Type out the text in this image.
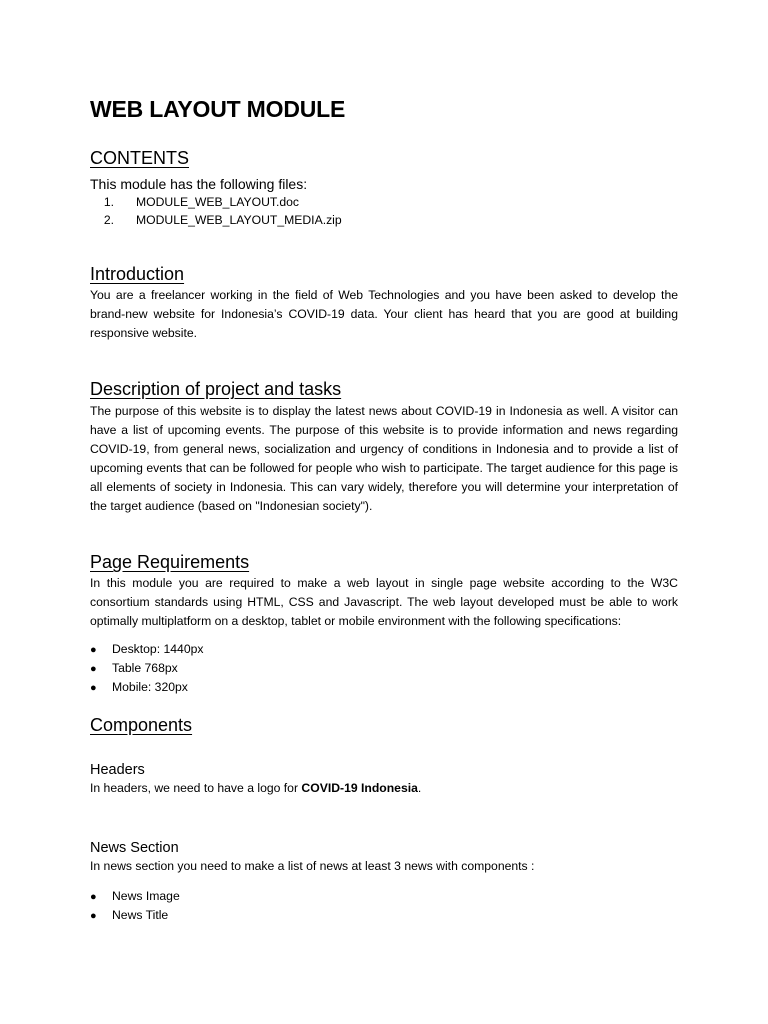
WEB LAYOUT MODULE
CONTENTS

This module has the following files:

1. MODULE_WEB_LAYOUT.doc
2. MODULE_WEB_LAYOUT_MEDIA.zip
Introduction

You are a freelancer working in the field of Web Technologies and you have been asked to develop the brand-new website for Indonesia’s COVID-19 data. Your client has heard that you are good at building responsive website.

Description of project and tasks

The purpose of this website is to display the latest news about COVID-19 in Indonesia as well. A visitor can have a list of upcoming events. The purpose of this website is to provide information and news regarding COVID-19, from general news, socialization and urgency of conditions in Indonesia and to provide a list of upcoming events that can be followed for people who wish to participate. The target audience for this page is all elements of society in Indonesia. This can vary widely, therefore you will determine your interpretation of the target audience (based on "Indonesian society").

Page Requirements

In this module you are required to make a web layout in single page website according to the W3C consortium standards using HTML, CSS and Javascript. The web layout developed must be able to work optimally multiplatform on a desktop, tablet or mobile environment with the following specifications:

● Desktop: 1440px
● Table 768px
● Mobile: 320px
Components
Headers

In headers, we need to have a logo for COVID-19 Indonesia.

News Section

In news section you need to make a list of news at least 3 news with components :

● News Image
● News Title
